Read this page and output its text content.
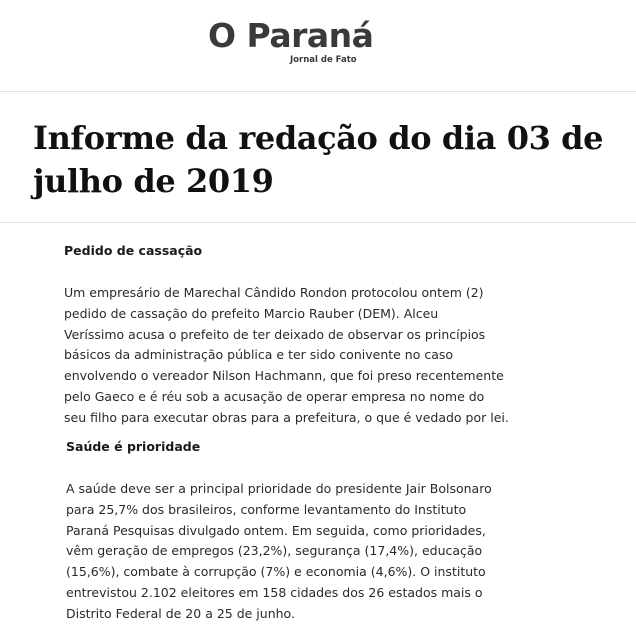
O Paraná
Jornal de Fato
Informe da redação do dia 03 de julho de 2019
Pedido de cassação
Um empresário de Marechal Cândido Rondon protocolou ontem (2)
pedido de cassação do prefeito Marcio Rauber (DEM). Alceu
Veríssimo acusa o prefeito de ter deixado de observar os princípios
básicos da administração pública e ter sido conivente no caso
envolvendo o vereador Nilson Hachmann, que foi preso recentemente
pelo Gaeco e é réu sob a acusação de operar empresa no nome do
seu filho para executar obras para a prefeitura, o que é vedado por lei.
Saúde é prioridade
A saúde deve ser a principal prioridade do presidente Jair Bolsonaro
para 25,7% dos brasileiros, conforme levantamento do Instituto
Paraná Pesquisas divulgado ontem. Em seguida, como prioridades,
vêm geração de empregos (23,2%), segurança (17,4%), educação
(15,6%), combate à corrupção (7%) e economia (4,6%). O instituto
entrevistou 2.102 eleitores em 158 cidades dos 26 estados mais o
Distrito Federal de 20 a 25 de junho.
